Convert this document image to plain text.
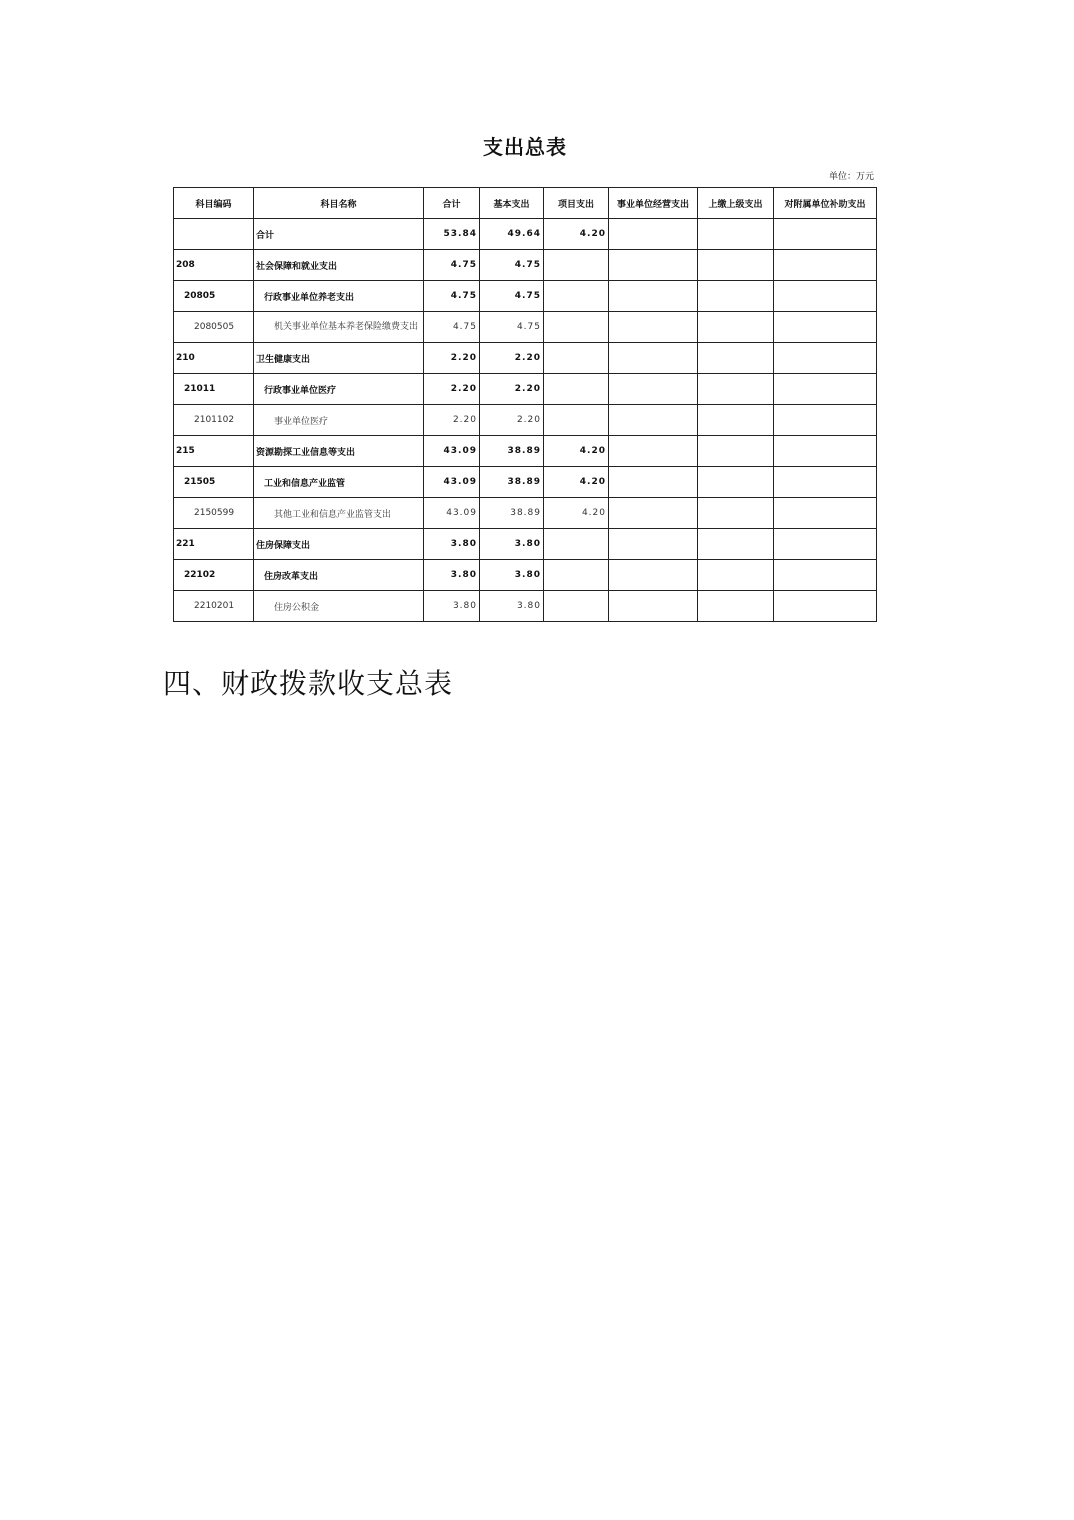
支出总表
单位：万元
科目编码	科目名称	合计	基本支出	项目支出	事业单位经营支出	上缴上级支出	对附属单位补助支出
	合计	53.84	49.64	4.20			
208	社会保障和就业支出	4.75	4.75				
20805	行政事业单位养老支出	4.75	4.75				
2080505	机关事业单位基本养老保险缴费支出	4.75	4.75				
210	卫生健康支出	2.20	2.20				
21011	行政事业单位医疗	2.20	2.20				
2101102	事业单位医疗	2.20	2.20				
215	资源勘探工业信息等支出	43.09	38.89	4.20			
21505	工业和信息产业监管	43.09	38.89	4.20			
2150599	其他工业和信息产业监管支出	43.09	38.89	4.20			
221	住房保障支出	3.80	3.80				
22102	住房改革支出	3.80	3.80				
2210201	住房公积金	3.80	3.80				
四、财政拨款收支总表
